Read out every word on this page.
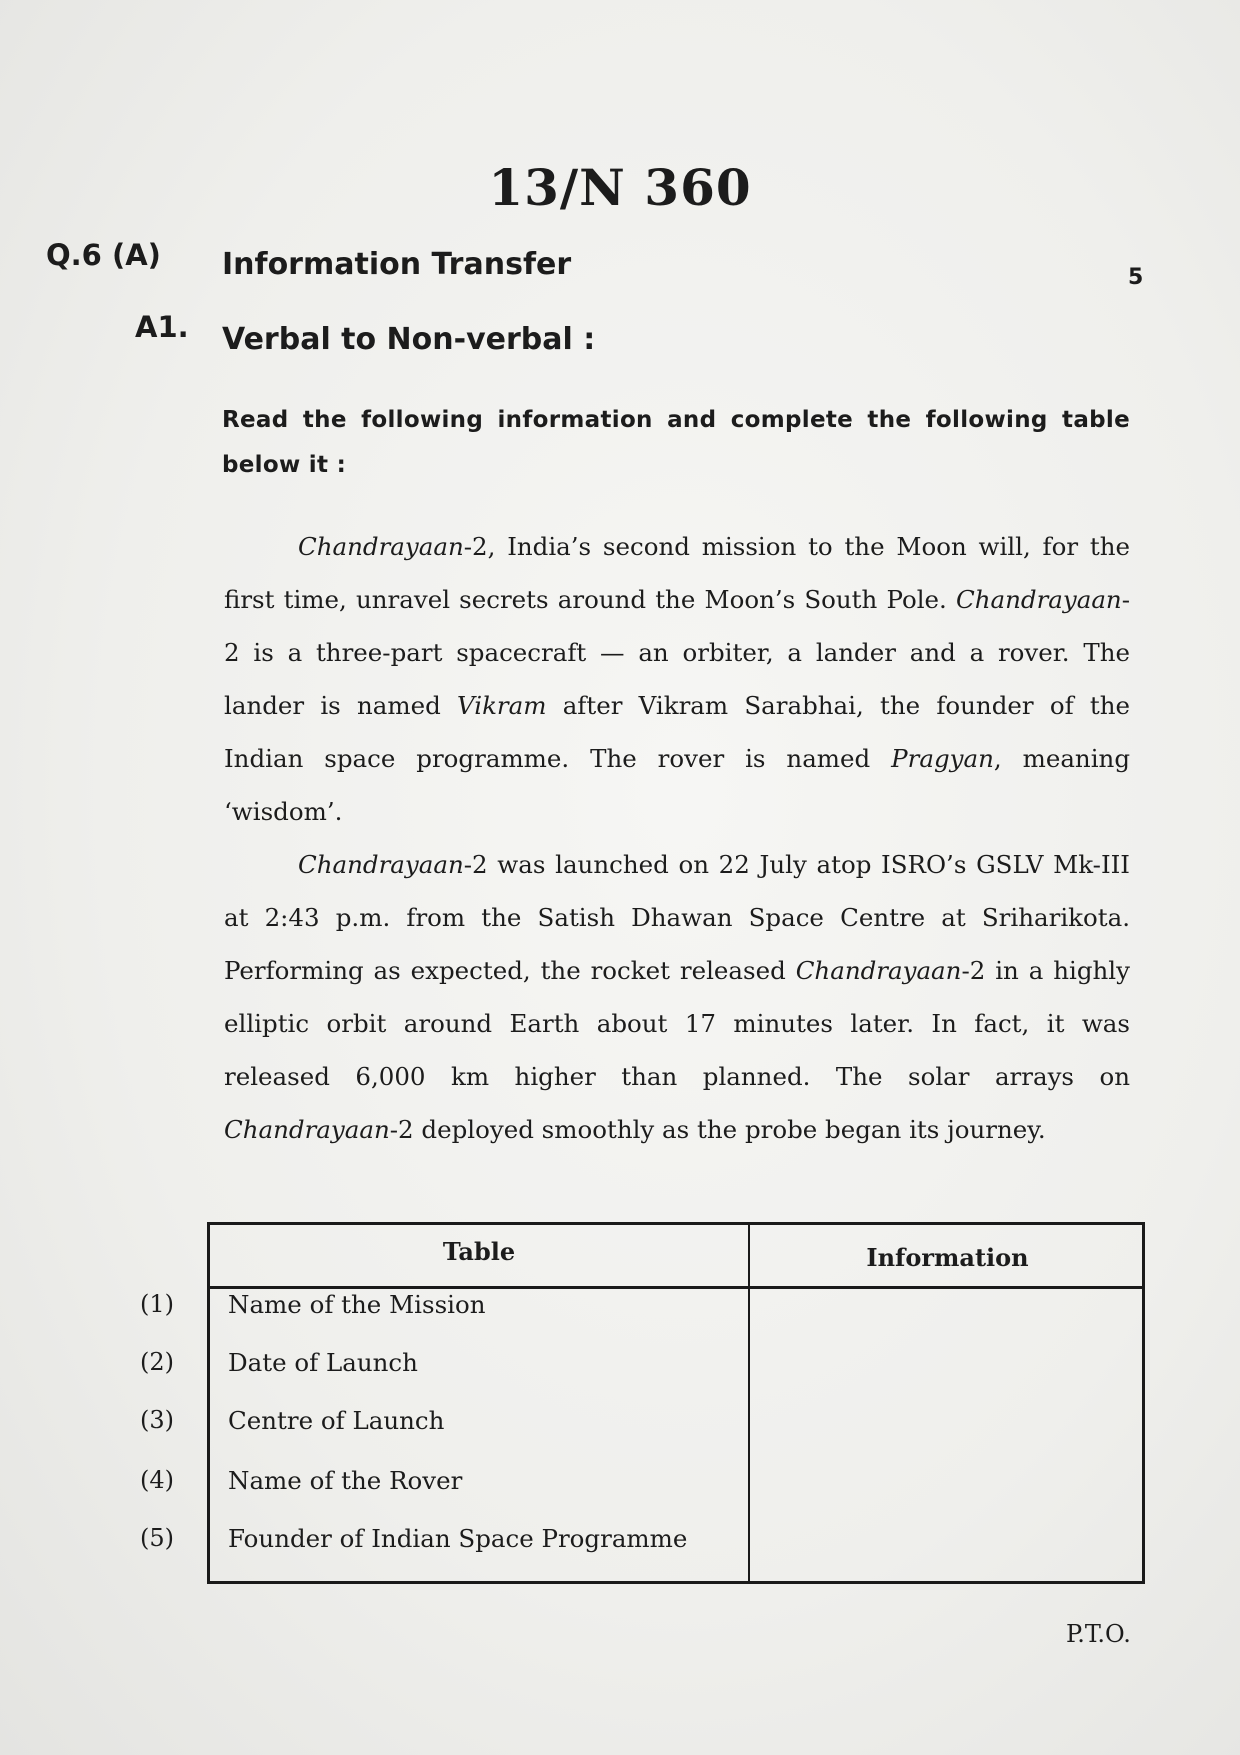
13/N 360
Q.6 (A) Information Transfer	5
A1. Verbal to Non-verbal :
Read the following information and complete the following table below it :

Chandrayaan-2, India’s second mission to the Moon will, for the first time, unravel secrets around the Moon’s South Pole. Chandrayaan-2 is a three-part spacecraft — an orbiter, a lander and a rover. The lander is named Vikram after Vikram Sarabhai, the founder of the Indian space programme. The rover is named Pragyan, meaning ‘wisdom’.

Chandrayaan-2 was launched on 22 July atop ISRO’s GSLV Mk-III at 2:43 p.m. from the Satish Dhawan Space Centre at Sriharikota. Performing as expected, the rocket released Chandrayaan-2 in a highly elliptic orbit around Earth about 17 minutes later. In fact, it was released 6,000 km higher than planned. The solar arrays on Chandrayaan-2 deployed smoothly as the probe began its journey.

Table	Information
(1) Name of the Mission
(2) Date of Launch
(3) Centre of Launch
(4) Name of the Rover
(5) Founder of Indian Space Programme
P.T.O.
